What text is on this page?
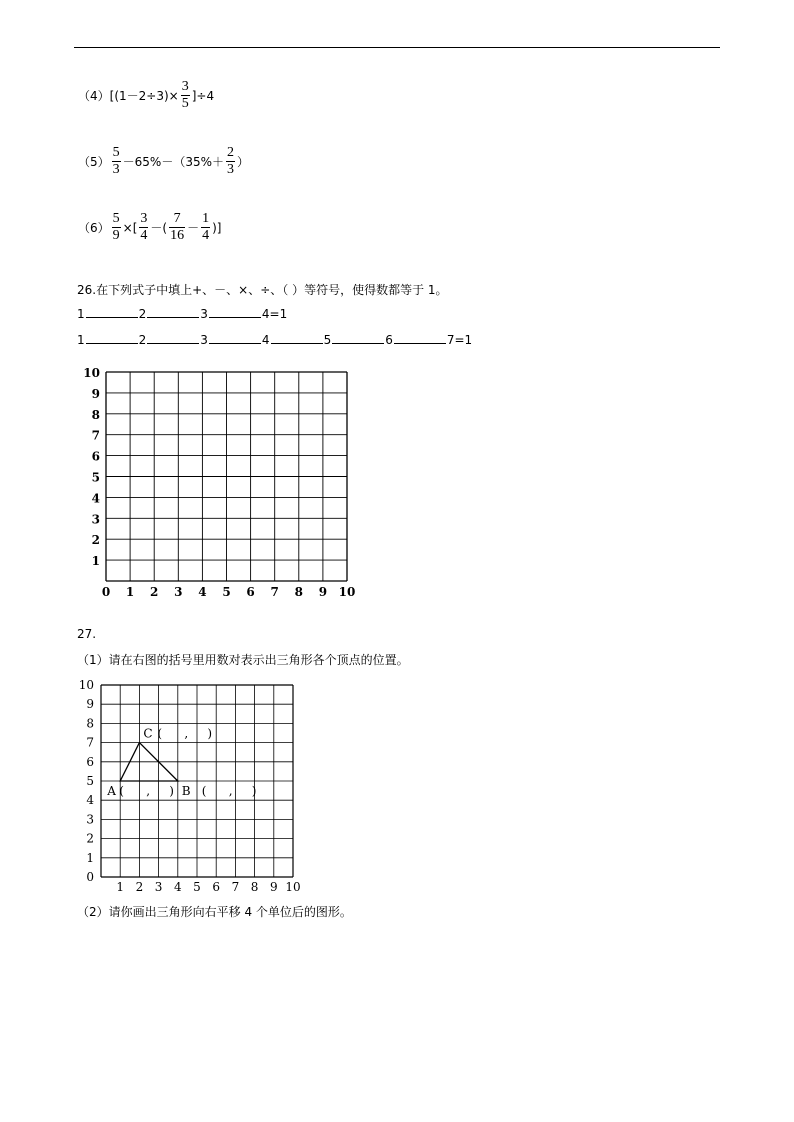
（4） $[(1-2\div 3)\times \frac{3}{5} ]\div 4$
$(5) \frac{5}{3} -65\%-(35\%+ \frac{2}{3}$ ）
$(6) \frac{5}{9}$ ×[ $\frac{3}{4}$ －( $\frac{7}{16} - \frac{1}{4}$ )]
26.在下列式子中填上+、－、×、÷、（ ）等符号，使得数都等于 1。
1	2	3	4=1
1	2	3	4	5	6	7=1
10
9
8
7
6
5
4
3
2
1
0 1 2 3 4 5 6 7 8 9 10
10
9
8
7
6
5
4
3
2
1
0
1 2 3 4 5 6 7 8 9 10
A ( , ) B ( , )
C ( , )
27.
（1）请在右图的括号里用数对表示出三角形各个顶点的位置。
（2）请你画出三角形向右平移 4 个单位后的图形。
